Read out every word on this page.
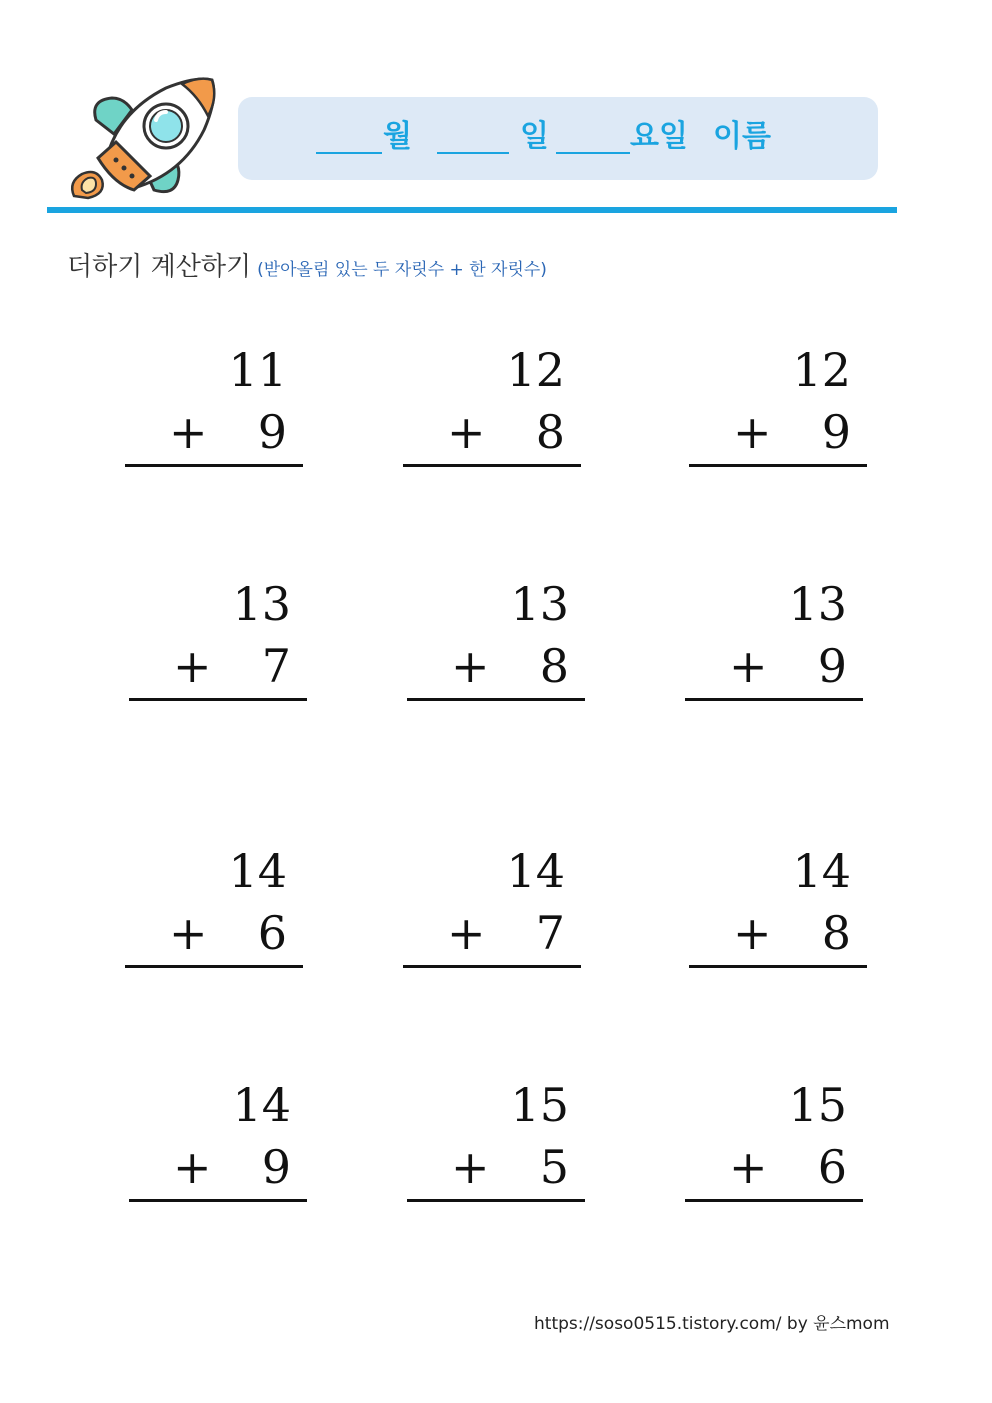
월	일	요일 이름
더하기 계산하기 (받아올림 있는 두 자릿수 + 한 자릿수)
11
+ 9
12
+ 8
12
+ 9
13
+ 7
13
+ 8
13
+ 9
14
+ 6
14
+ 7
14
+ 8
14
+ 9
15
+ 5
15
+ 6
https://soso0515.tistory.com/ by 윤스mom
